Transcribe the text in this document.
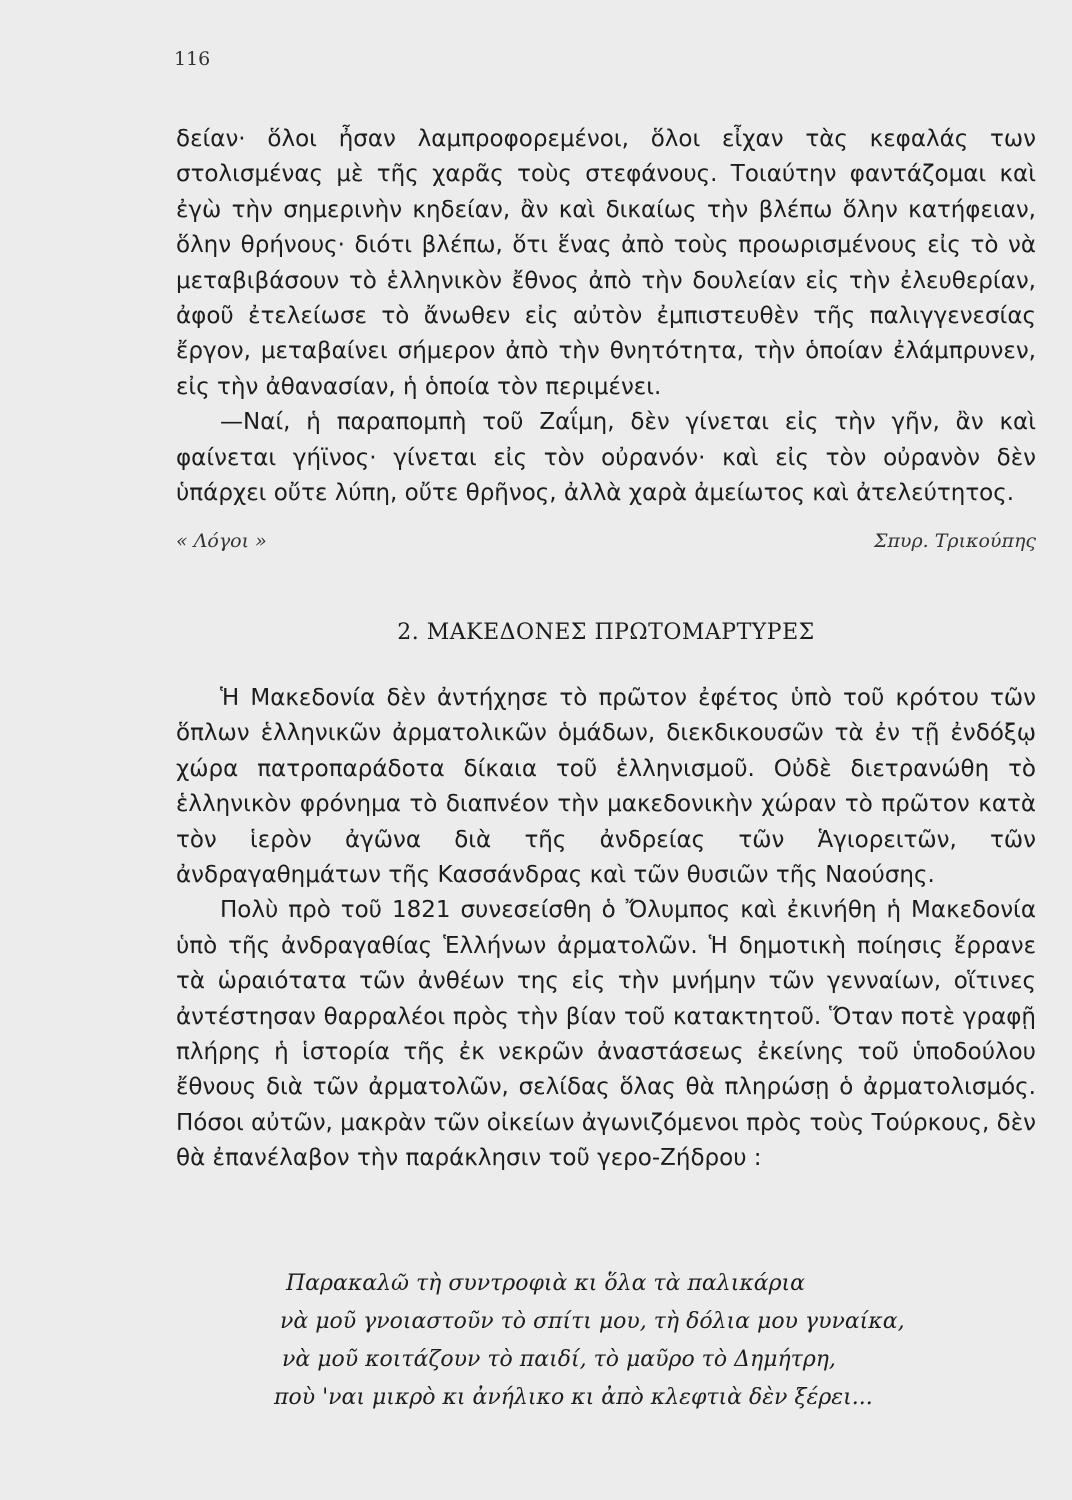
116

δείαν· ὅλοι ἦσαν λαμπροφορεμένοι, ὅλοι εἶχαν τὰς κεφαλάς των στολισμένας μὲ τῆς χαρᾶς τοὺς στεφάνους. Τοιαύτην φαντάζομαι καὶ ἐγὼ τὴν σημερινὴν κηδείαν, ἂν καὶ δικαίως τὴν βλέπω ὅλην κατήφειαν, ὅλην θρήνους· διότι βλέπω, ὅτι ἕνας ἀπὸ τοὺς προωρισμένους εἰς τὸ νὰ μεταβιβάσουν τὸ ἑλληνικὸν ἔθνος ἀπὸ τὴν δουλείαν εἰς τὴν ἐλευθερίαν, ἀφοῦ ἐτελείωσε τὸ ἄνωθεν εἰς αὐτὸν ἐμπιστευθὲν τῆς παλιγγενεσίας ἔργον, μεταβαίνει σήμερον ἀπὸ τὴν θνητότητα, τὴν ὁποίαν ἐλάμπρυνεν, εἰς τὴν ἀθανασίαν, ἡ ὁποία τὸν περιμένει.

—Ναί, ἡ παραπομπὴ τοῦ Ζαΐμη, δὲν γίνεται εἰς τὴν γῆν, ἂν καὶ φαίνεται γήϊνος· γίνεται εἰς τὸν οὐρανόν· καὶ εἰς τὸν οὐρανὸν δὲν ὑπάρχει οὔτε λύπη, οὔτε θρῆνος, ἀλλὰ χαρὰ ἀμείωτος καὶ ἀτελεύτητος.

« Λόγοι »	Σπυρ. Τρικούπης
2. ΜΑΚΕΔΟΝΕΣ ΠΡΩΤΟΜΑΡΤΥΡΕΣ

Ἡ Μακεδονία δὲν ἀντήχησε τὸ πρῶτον ἐφέτος ὑπὸ τοῦ κρότου τῶν ὅπλων ἑλληνικῶν ἀρματολικῶν ὁμάδων, διεκδικουσῶν τὰ ἐν τῇ ἐνδόξῳ χώρα πατροπαράδοτα δίκαια τοῦ ἑλληνισμοῦ. Οὐδὲ διετρανώθη τὸ ἑλληνικὸν φρόνημα τὸ διαπνέον τὴν μακεδονικὴν χώραν τὸ πρῶτον κατὰ τὸν ἱερὸν ἀγῶνα διὰ τῆς ἀνδρείας τῶν Ἁγιορειτῶν, τῶν ἀνδραγαθημάτων τῆς Κασσάνδρας καὶ τῶν θυσιῶν τῆς Ναούσης.

Πολὺ πρὸ τοῦ 1821 συνεσείσθη ὁ Ὄλυμπος καὶ ἐκινήθη ἡ Μακεδονία ὑπὸ τῆς ἀνδραγαθίας Ἑλλήνων ἀρματολῶν. Ἡ δημοτικὴ ποίησις ἔρρανε τὰ ὡραιότατα τῶν ἀνθέων της εἰς τὴν μνήμην τῶν γενναίων, οἵτινες ἀντέστησαν θαρραλέοι πρὸς τὴν βίαν τοῦ κατακτητοῦ. Ὅταν ποτὲ γραφῇ πλήρης ἡ ἱστορία τῆς ἐκ νεκρῶν ἀναστάσεως ἐκείνης τοῦ ὑποδούλου ἔθνους διὰ τῶν ἀρματολῶν, σελίδας ὅλας θὰ πληρώσῃ ὁ ἀρματολισμός. Πόσοι αὐτῶν, μακρὰν τῶν οἰκείων ἀγωνιζόμενοι πρὸς τοὺς Τούρκους, δὲν θὰ ἐπανέλαβον τὴν παράκλησιν τοῦ γερο-Ζήδρου :

Παρακαλῶ τὴ συντροφιὰ κι ὅλα τὰ παλικάρια
νὰ μοῦ γνοιαστοῦν τὸ σπίτι μου, τὴ δόλια μου γυναίκα,
νὰ μοῦ κοιτάζουν τὸ παιδί, τὸ μαῦρο τὸ Δημήτρη,
ποὺ 'ναι μικρὸ κι ἀνήλικο κι ἀπὸ κλεφτιὰ δὲν ξέρει...
